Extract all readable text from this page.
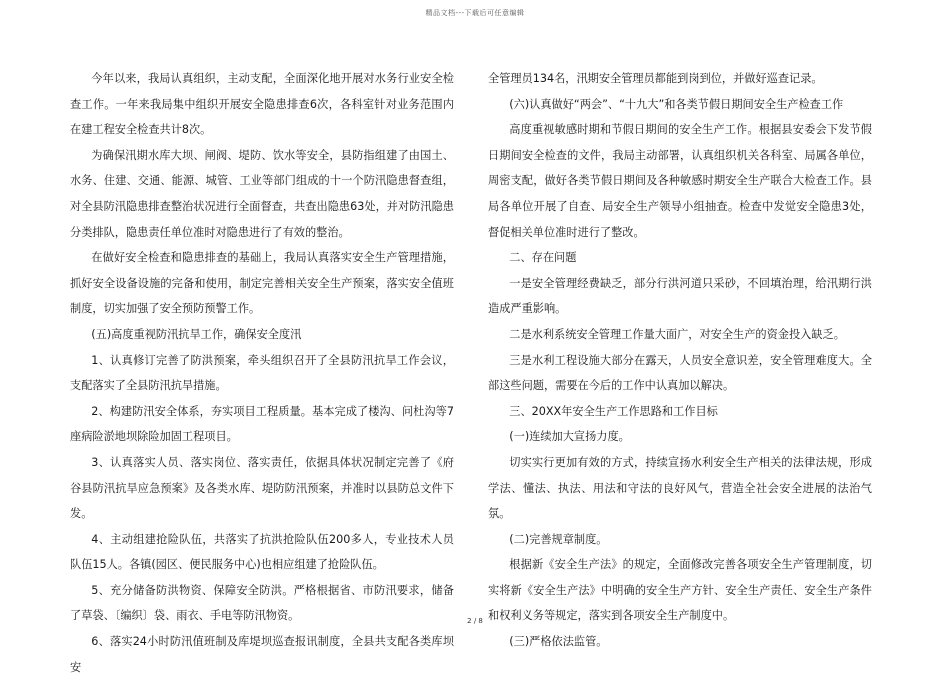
精品文档---下载后可任意编辑

今年以来，我局认真组织，主动支配，全面深化地开展对水务行业安全检查工作。一年来我局集中组织开展安全隐患排查6次，各科室针对业务范围内在建工程安全检查共计8次。

为确保汛期水库大坝、闸阀、堤防、饮水等安全，县防指组建了由国土、水务、住建、交通、能源、城管、工业等部门组成的十一个防汛隐患督查组，对全县防汛隐患排查整治状况进行全面督查，共查出隐患63处，并对防汛隐患分类排队，隐患责任单位准时对隐患进行了有效的整治。

在做好安全检查和隐患排查的基础上，我局认真落实安全生产管理措施，抓好安全设备设施的完备和使用，制定完善相关安全生产预案，落实安全值班制度，切实加强了安全预防预警工作。

(五)高度重视防汛抗旱工作，确保安全度汛

1、认真修订完善了防洪预案，牵头组织召开了全县防汛抗旱工作会议，支配落实了全县防汛抗旱措施。

2、构建防汛安全体系，夯实项目工程质量。基本完成了楼沟、问杜沟等7座病险淤地坝除险加固工程项目。

3、认真落实人员、落实岗位、落实责任，依据具体状况制定完善了《府谷县防汛抗旱应急预案》及各类水库、堤防防汛预案，并准时以县防总文件下发。

4、主动组建抢险队伍，共落实了抗洪抢险队伍200多人，专业技术人员队伍15人。各镇(园区、便民服务中心)也相应组建了抢险队伍。

5、充分储备防洪物资、保障安全防洪。严格根据省、市防汛要求，储备了草袋、〔编织〕袋、雨衣、手电等防汛物资。

6、落实24小时防汛值班制及库堤坝巡查报讯制度，全县共支配各类库坝安

全管理员134名，汛期安全管理员都能到岗到位，并做好巡查记录。

(六)认真做好“两会”、“十九大”和各类节假日期间安全生产检查工作

高度重视敏感时期和节假日期间的安全生产工作。根据县安委会下发节假日期间安全检查的文件，我局主动部署，认真组织机关各科室、局属各单位，周密支配，做好各类节假日期间及各种敏感时期安全生产联合大检查工作。县局各单位开展了自查、局安全生产领导小组抽查。检查中发觉安全隐患3处，督促相关单位准时进行了整改。

二、存在问题

一是安全管理经费缺乏，部分行洪河道只采砂，不回填治理，给汛期行洪造成严重影响。

二是水利系统安全管理工作量大面广，对安全生产的资金投入缺乏。

三是水利工程设施大部分在露天，人员安全意识差，安全管理难度大。全部这些问题，需要在今后的工作中认真加以解决。

三、20XX年安全生产工作思路和工作目标

(一)连续加大宣扬力度。

切实实行更加有效的方式，持续宣扬水利安全生产相关的法律法规，形成学法、懂法、执法、用法和守法的良好风气，营造全社会安全进展的法治气氛。

(二)完善规章制度。

根据新《安全生产法》的规定，全面修改完善各项安全生产管理制度，切实将新《安全生产法》中明确的安全生产方针、安全生产责任、安全生产条件和权利义务等规定，落实到各项安全生产制度中。

(三)严格依法监管。

2 / 8
